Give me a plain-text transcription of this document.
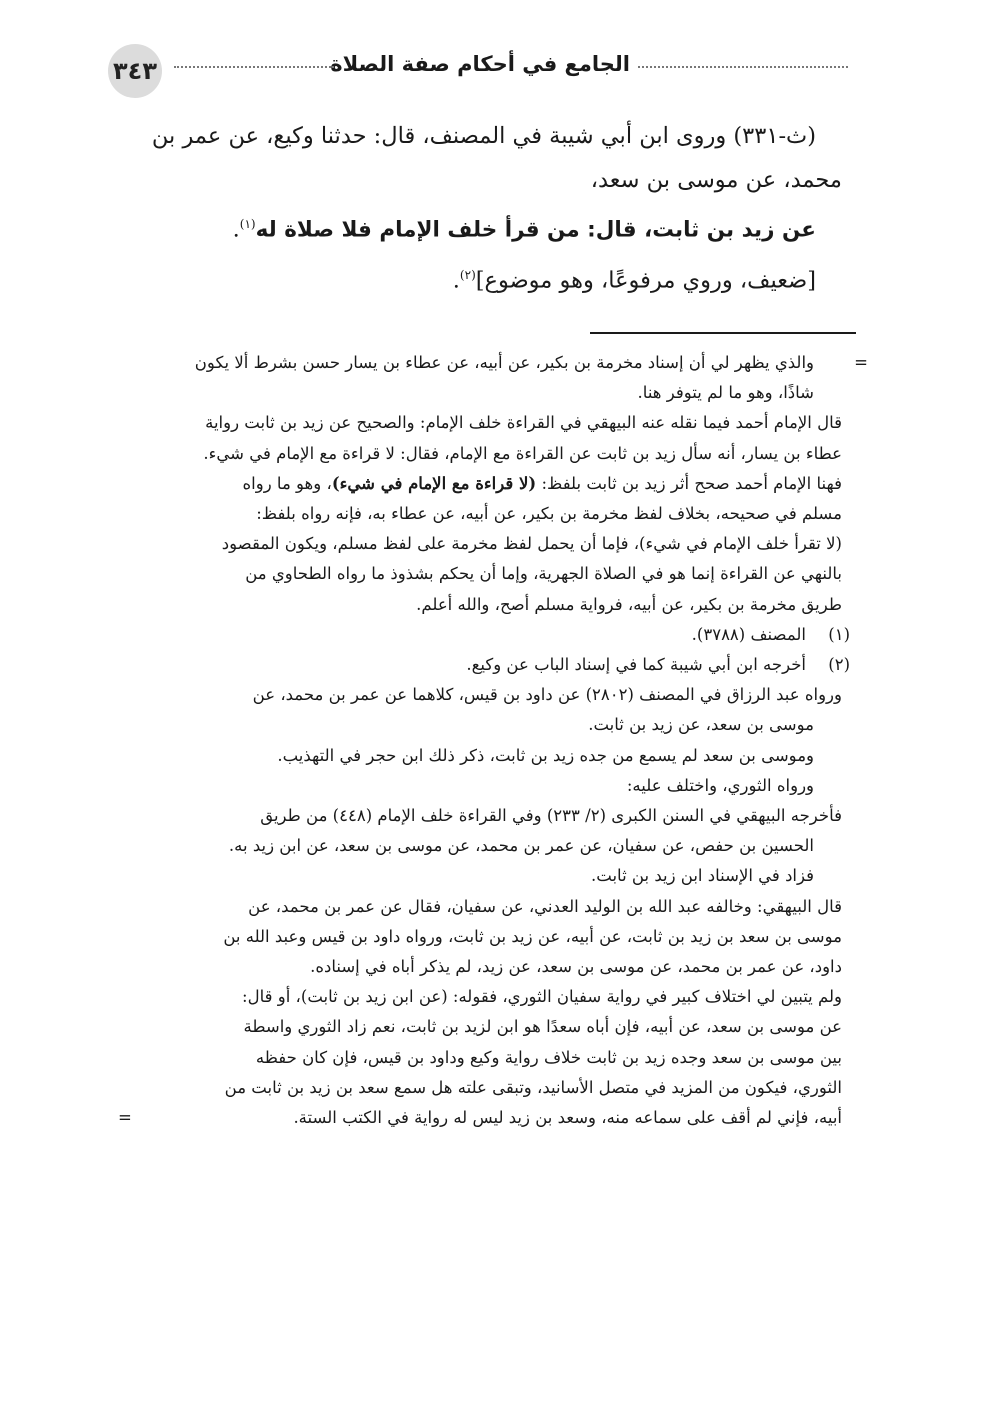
الجامع في أحكام صفة الصلاة
٣٤٣

(ث-٣٣١) وروى ابن أبي شيبة في المصنف، قال: حدثنا وكيع، عن عمر بن

محمد، عن موسى بن سعد،

عن زيد بن ثابت، قال: من قرأ خلف الإمام فلا صلاة له$^{(١)}$.

[ضعيف، وروي مرفوعًا، وهو موضوع]$^{(٢)}$.

=
والذي يظهر لي أن إسناد مخرمة بن بكير، عن أبيه، عن عطاء بن يسار حسن بشرط ألا يكون

شاذًا، وهو ما لم يتوفر هنا.

قال الإمام أحمد فيما نقله عنه البيهقي في القراءة خلف الإمام: والصحيح عن زيد بن ثابت رواية

عطاء بن يسار، أنه سأل زيد بن ثابت عن القراءة مع الإمام، فقال: لا قراءة مع الإمام في شيء.

فهنا الإمام أحمد صحح أثر زيد بن ثابت بلفظ: (لا قراءة مع الإمام في شيء)، وهو ما رواه

مسلم في صحيحه، بخلاف لفظ مخرمة بن بكير، عن أبيه، عن عطاء به، فإنه رواه بلفظ:

(لا تقرأ خلف الإمام في شيء)، فإما أن يحمل لفظ مخرمة على لفظ مسلم، ويكون المقصود

بالنهي عن القراءة إنما هو في الصلاة الجهرية، وإما أن يحكم بشذوذ ما رواه الطحاوي من

طريق مخرمة بن بكير، عن أبيه، فرواية مسلم أصح، والله أعلم.

(١)
المصنف (٣٧٨٨).

(٢)
أخرجه ابن أبي شيبة كما في إسناد الباب عن وكيع.

ورواه عبد الرزاق في المصنف (٢٨٠٢) عن داود بن قيس، كلاهما عن عمر بن محمد، عن

موسى بن سعد، عن زيد بن ثابت.

وموسى بن سعد لم يسمع من جده زيد بن ثابت، ذكر ذلك ابن حجر في التهذيب.

ورواه الثوري، واختلف عليه:

فأخرجه البيهقي في السنن الكبرى (٢/ ٢٣٣) وفي القراءة خلف الإمام (٤٤٨) من طريق

الحسين بن حفص، عن سفيان، عن عمر بن محمد، عن موسى بن سعد، عن ابن زيد به.

فزاد في الإسناد ابن زيد بن ثابت.

قال البيهقي: وخالفه عبد الله بن الوليد العدني، عن سفيان، فقال عن عمر بن محمد، عن

موسى بن سعد بن زيد بن ثابت، عن أبيه، عن زيد بن ثابت، ورواه داود بن قيس وعبد الله بن

داود، عن عمر بن محمد، عن موسى بن سعد، عن زيد، لم يذكر أباه في إسناده.

ولم يتبين لي اختلاف كبير في رواية سفيان الثوري، فقوله: (عن ابن زيد بن ثابت)، أو قال:

عن موسى بن سعد، عن أبيه، فإن أباه سعدًا هو ابن لزيد بن ثابت، نعم زاد الثوري واسطة

بين موسى بن سعد وجده زيد بن ثابت خلاف رواية وكيع وداود بن قيس، فإن كان حفظه

الثوري، فيكون من المزيد في متصل الأسانيد، وتبقى علته هل سمع سعد بن زيد بن ثابت من

أبيه، فإني لم أقف على سماعه منه، وسعد بن زيد ليس له رواية في الكتب الستة.
=
